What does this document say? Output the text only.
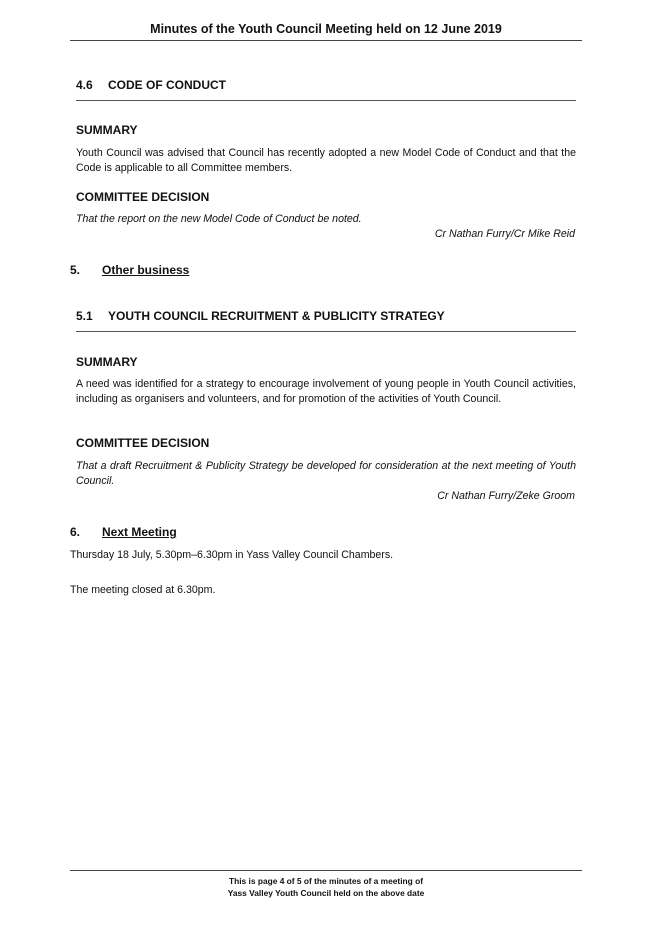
Minutes of the Youth Council Meeting held on 12 June 2019
4.6 CODE OF CONDUCT
SUMMARY
Youth Council was advised that Council has recently adopted a new Model Code of Conduct and that the Code is applicable to all Committee members.
COMMITTEE DECISION
That the report on the new Model Code of Conduct be noted.
Cr Nathan Furry/Cr Mike Reid
5. Other business
5.1 YOUTH COUNCIL RECRUITMENT & PUBLICITY STRATEGY
SUMMARY
A need was identified for a strategy to encourage involvement of young people in Youth Council activities, including as organisers and volunteers, and for promotion of the activities of Youth Council.
COMMITTEE DECISION
That a draft Recruitment & Publicity Strategy be developed for consideration at the next meeting of Youth Council.
Cr Nathan Furry/Zeke Groom
6. Next Meeting
Thursday 18 July, 5.30pm–6.30pm in Yass Valley Council Chambers.
The meeting closed at 6.30pm.
This is page 4 of 5 of the minutes of a meeting of
Yass Valley Youth Council held on the above date
